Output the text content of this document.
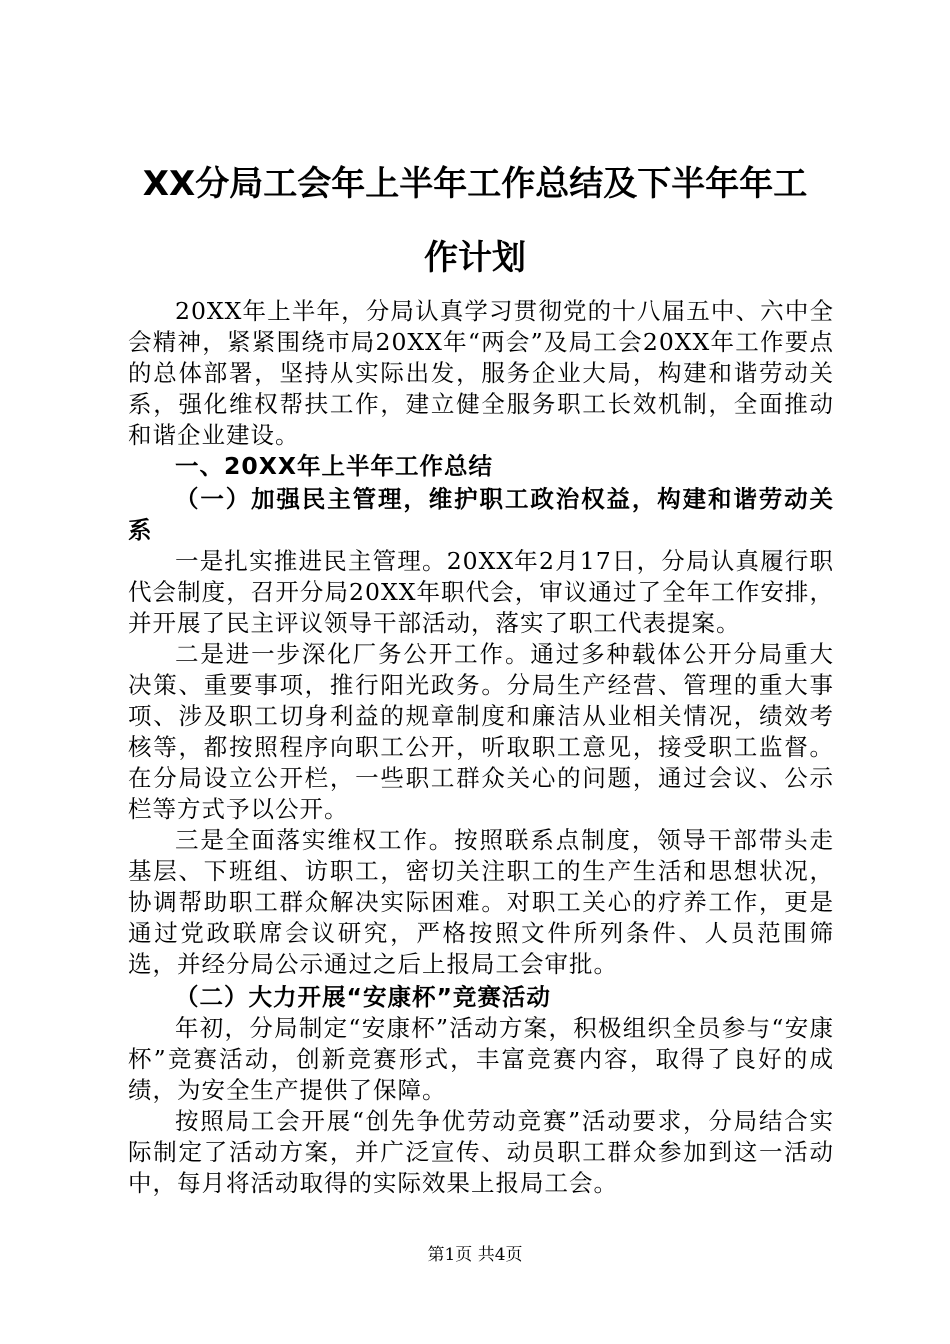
XX分局工会年上半年工作总结及下半年年工
作计划

20XX年上半年，分局认真学习贯彻党的十八届五中、六中全会精神，紧紧围绕市局20XX年“两会”及局工会20XX年工作要点的总体部署，坚持从实际出发，服务企业大局，构建和谐劳动关系，强化维权帮扶工作，建立健全服务职工长效机制，全面推动和谐企业建设。

一、20XX年上半年工作总结

（一）加强民主管理，维护职工政治权益，构建和谐劳动关系

一是扎实推进民主管理。20XX年2月17日，分局认真履行职代会制度，召开分局20XX年职代会，审议通过了全年工作安排，并开展了民主评议领导干部活动，落实了职工代表提案。

二是进一步深化厂务公开工作。通过多种载体公开分局重大决策、重要事项，推行阳光政务。分局生产经营、管理的重大事项、涉及职工切身利益的规章制度和廉洁从业相关情况，绩效考核等，都按照程序向职工公开，听取职工意见，接受职工监督。在分局设立公开栏，一些职工群众关心的问题，通过会议、公示栏等方式予以公开。

三是全面落实维权工作。按照联系点制度，领导干部带头走基层、下班组、访职工，密切关注职工的生产生活和思想状况，协调帮助职工群众解决实际困难。对职工关心的疗养工作，更是通过党政联席会议研究，严格按照文件所列条件、人员范围筛选，并经分局公示通过之后上报局工会审批。

（二）大力开展“安康杯”竞赛活动

年初，分局制定“安康杯”活动方案，积极组织全员参与“安康杯”竞赛活动，创新竞赛形式，丰富竞赛内容，取得了良好的成绩，为安全生产提供了保障。

按照局工会开展“创先争优劳动竞赛”活动要求，分局结合实际制定了活动方案，并广泛宣传、动员职工群众参加到这一活动中，每月将活动取得的实际效果上报局工会。

第1页 共4页
